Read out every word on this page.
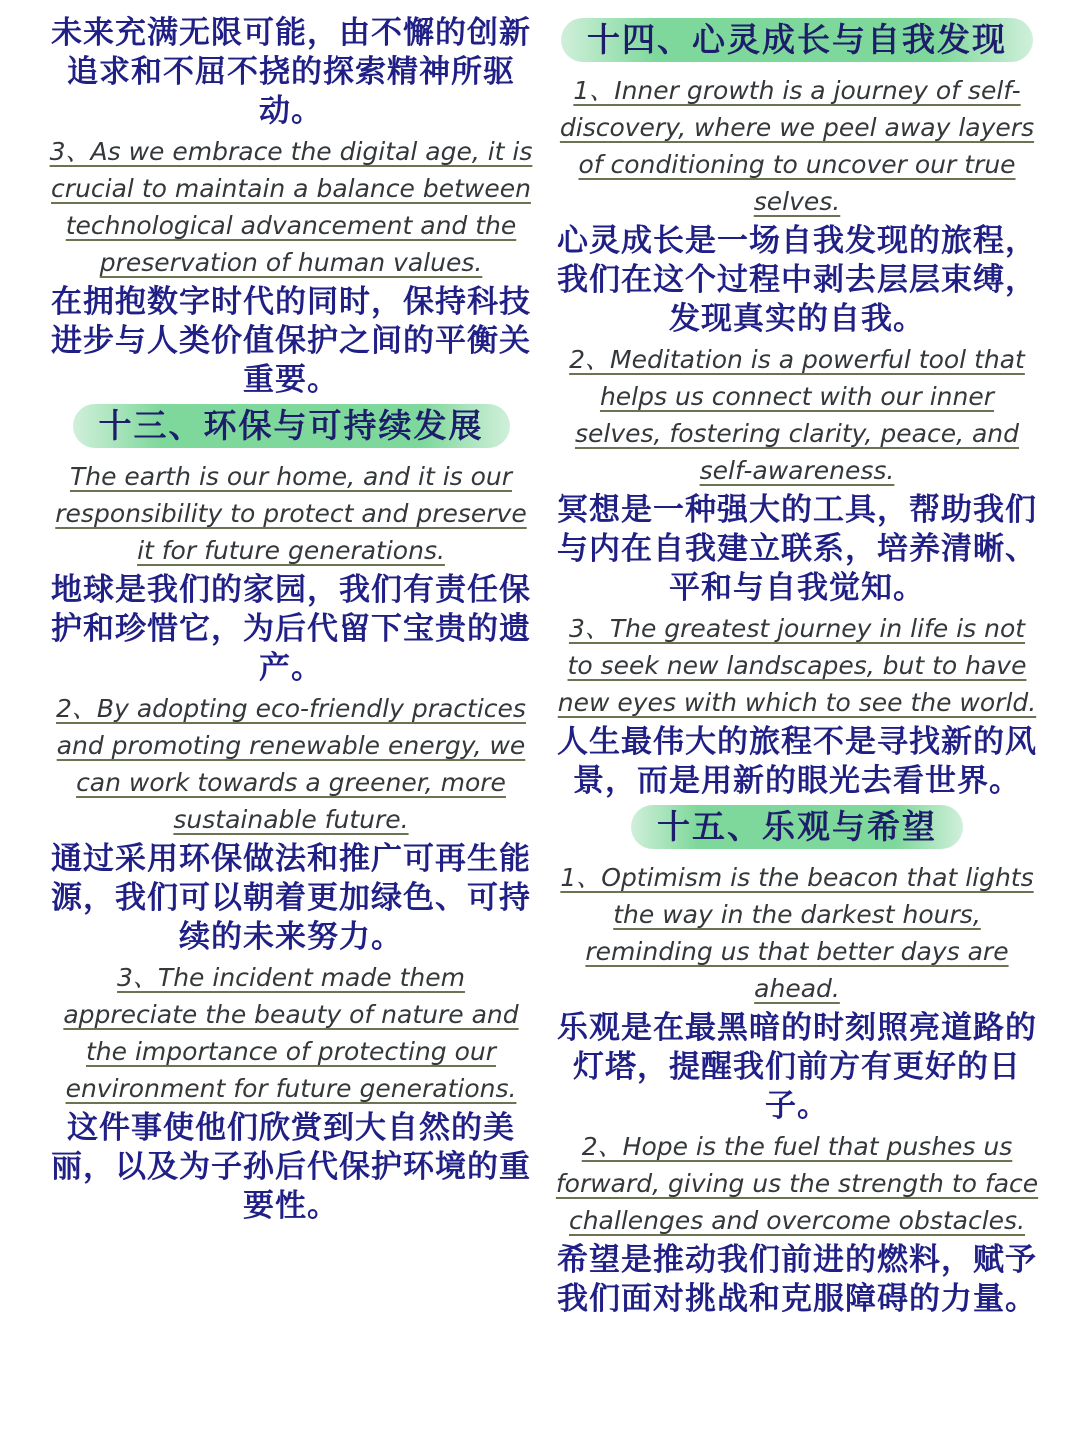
未来充满无限可能，由不懈的创新追求和不屈不挠的探索精神所驱动。

3、As we embrace the digital age, it is crucial to maintain a balance between technological advancement and the preservation of human values.

在拥抱数字时代的同时，保持科技进步与人类价值保护之间的平衡关重要。

十三、环保与可持续发展

The earth is our home, and it is our responsibility to protect and preserve it for future generations.

地球是我们的家园，我们有责任保护和珍惜它，为后代留下宝贵的遗产。

2、By adopting eco-friendly practices and promoting renewable energy, we can work towards a greener, more sustainable future.

通过采用环保做法和推广可再生能源，我们可以朝着更加绿色、可持续的未来努力。

3、The incident made them appreciate the beauty of nature and the importance of protecting our environment for future generations.

这件事使他们欣赏到大自然的美丽，以及为子孙后代保护环境的重要性。

十四、心灵成长与自我发现

1、Inner growth is a journey of self-discovery, where we peel away layers of conditioning to uncover our true selves.

心灵成长是一场自我发现的旅程，我们在这个过程中剥去层层束缚，发现真实的自我。

2、Meditation is a powerful tool that helps us connect with our inner selves, fostering clarity, peace, and self-awareness.

冥想是一种强大的工具，帮助我们与内在自我建立联系，培养清晰、平和与自我觉知。

3、The greatest journey in life is not to seek new landscapes, but to have new eyes with which to see the world.

人生最伟大的旅程不是寻找新的风景，而是用新的眼光去看世界。

十五、乐观与希望

1、Optimism is the beacon that lights the way in the darkest hours, reminding us that better days are ahead.

乐观是在最黑暗的时刻照亮道路的灯塔，提醒我们前方有更好的日子。

2、Hope is the fuel that pushes us forward, giving us the strength to face challenges and overcome obstacles.

希望是推动我们前进的燃料，赋予我们面对挑战和克服障碍的力量。
